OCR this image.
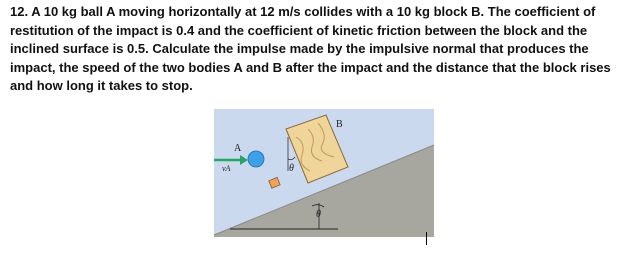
12. A 10 kg ball A moving horizontally at 12 m/s collides with a 10 kg block B. The coefficient of restitution of the impact is 0.4 and the coefficient of kinetic friction between the block and the inclined surface is 0.5. Calculate the impulse made by the impulsive normal that produces the impact, the speed of the two bodies A and B after the impact and the distance that the block rises and how long it takes to stop.

A
B
vA	θ
θ
